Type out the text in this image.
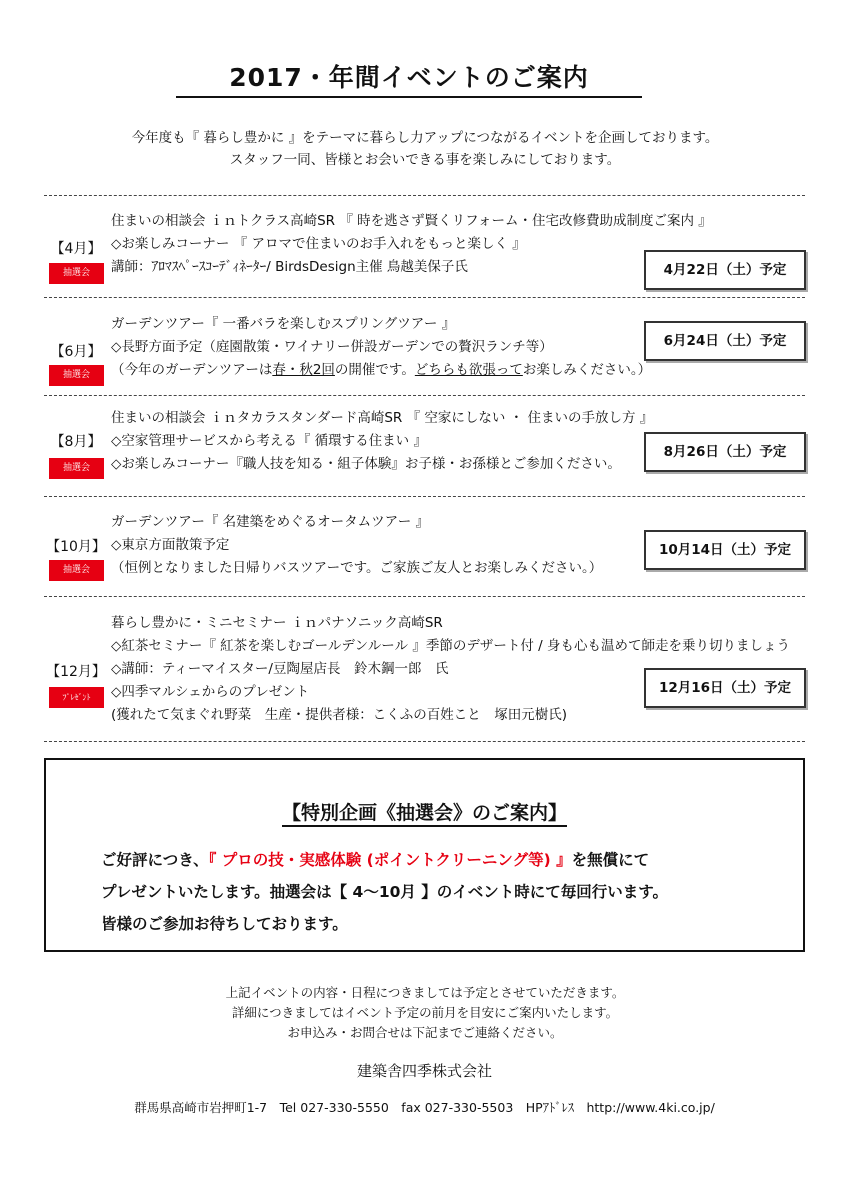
2017・年間イベントのご案内
今年度も『 暮らし豊かに 』をテーマに暮らし力アップにつながるイベントを企画しております。
スタッフ一同、皆様とお会いできる事を楽しみにしております。
【4月】
抽選会
住まいの相談会 ｉｎトクラス高崎SR 『 時を逃さず賢くリフォーム・住宅改修費助成制度ご案内 』
◇お楽しみコーナー 『 アロマで住まいのお手入れをもっと楽しく 』
講師：ｱﾛﾏｽﾍﾟｰｽｺｰﾃﾞｨﾈｰﾀｰ/ BirdsDesign主催 鳥越美保子氏	4月22日（土）予定
【6月】
抽選会
ガーデンツアー『 一番バラを楽しむスプリングツアー 』
◇長野方面予定（庭園散策・ワイナリー併設ガーデンでの贅沢ランチ等）
（今年のガーデンツアーは春・秋2回の開催です。どちらも欲張ってお楽しみください。）
6月24日（土）予定
【8月】
抽選会
住まいの相談会 ｉｎタカラスタンダード高崎SR 『 空家にしない ・ 住まいの手放し方 』
◇空家管理サービスから考える『 循環する住まい 』
◇お楽しみコーナー『職人技を知る・組子体験』お子様・お孫様とご参加ください。
8月26日（土）予定
【10月】
抽選会
ガーデンツアー『 名建築をめぐるオータムツアー 』
◇東京方面散策予定
（恒例となりました日帰りバスツアーです。ご家族ご友人とお楽しみください。）
10月14日（土）予定
【12月】
ﾌﾟﾚｾﾞﾝﾄ
暮らし豊かに・ミニセミナー ｉｎパナソニック高崎SR
◇紅茶セミナー『 紅茶を楽しむゴールデンルール 』季節のデザート付 / 身も心も温めて師走を乗り切りましょう
◇講師：ティーマイスター/豆陶屋店長　鈴木鋼一郎　氏
◇四季マルシェからのプレゼント
(獲れたて気まぐれ野菜　生産・提供者様：こくふの百姓こと　塚田元樹氏)
12月16日（土）予定
【特別企画《抽選会》のご案内】
ご好評につき、『 プロの技・実感体験 (ポイントクリーニング等) 』を無償にて
プレゼントいたします。抽選会は【 4～10月 】のイベント時にて毎回行います。
皆様のご参加お待ちしております。
上記イベントの内容・日程につきましては予定とさせていただきます。
詳細につきましてはイベント予定の前月を目安にご案内いたします。
お申込み・お問合せは下記までご連絡ください。
建築舎四季株式会社
群馬県高崎市岩押町1-7　Tel 027-330-5550　fax 027-330-5503　HPｱﾄﾞﾚｽ　http://www.4ki.co.jp/
